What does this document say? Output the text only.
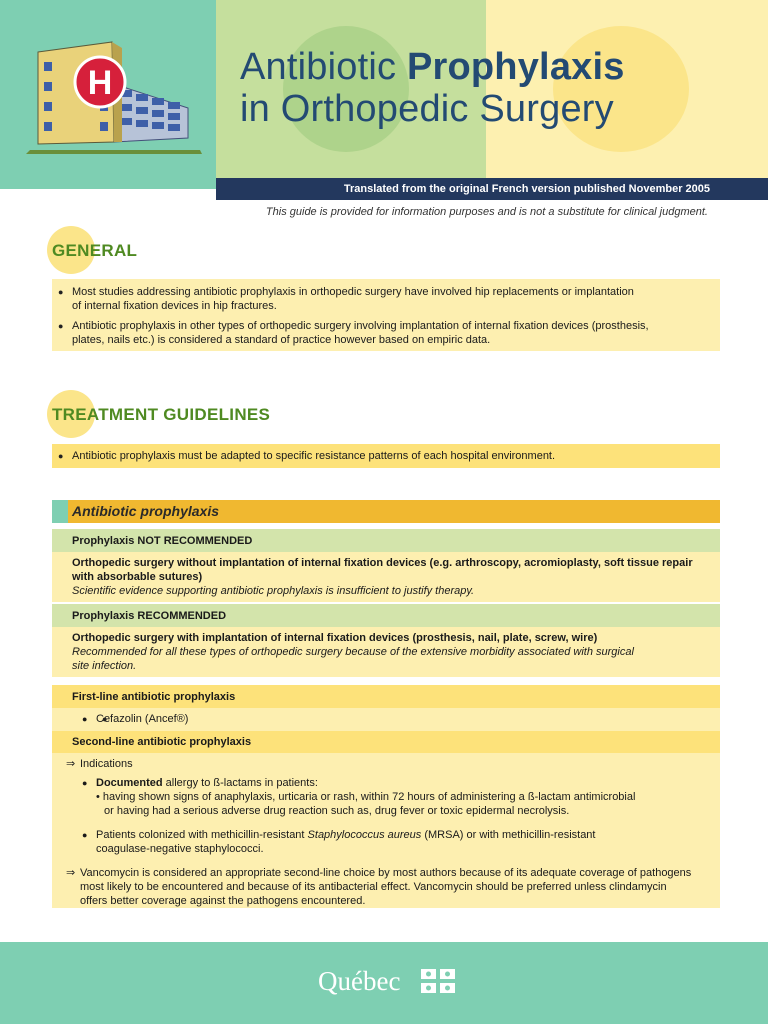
H	Antibiotic Prophylaxis
in Orthopedic Surgery
Translated from the original French version published November 2005
This guide is provided for information purposes and is not a substitute for clinical judgment.
GENERAL
● Most studies addressing antibiotic prophylaxis in orthopedic surgery have involved hip replacements or implantation
of internal fixation devices in hip fractures.
● Antibiotic prophylaxis in other types of orthopedic surgery involving implantation of internal fixation devices (prosthesis,
plates, nails etc.) is considered a standard of practice however based on empiric data.
TREATMENT GUIDELINES
● Antibiotic prophylaxis must be adapted to specific resistance patterns of each hospital environment.
Antibiotic prophylaxis
Prophylaxis NOT RECOMMENDED
Orthopedic surgery without implantation of internal fixation devices (e.g. arthroscopy, acromioplasty, soft tissue repair
with absorbable sutures)
Scientific evidence supporting antibiotic prophylaxis is insufficient to justify therapy.
Prophylaxis RECOMMENDED
Orthopedic surgery with implantation of internal fixation devices (prosthesis, nail, plate, screw, wire)
Recommended for all these types of orthopedic surgery because of the extensive morbidity associated with surgical
site infection.
First-line antibiotic prophylaxis
● ● Cefazolin (Ancef®)
Second-line antibiotic prophylaxis
⇒ Indications
● Documented allergy to ß-lactams in patients:
• having shown signs of anaphylaxis, urticaria or rash, within 72 hours of administering a ß-lactam antimicrobial
or having had a serious adverse drug reaction such as, drug fever or toxic epidermal necrolysis.
● Patients colonized with methicillin-resistant Staphylococcus aureus (MRSA) or with methicillin-resistant
coagulase-negative staphylococci.
⇒ Vancomycin is considered an appropriate second-line choice by most authors because of its adequate coverage of pathogens
most likely to be encountered and because of its antibacterial effect. Vancomycin should be preferred unless clindamycin
offers better coverage against the pathogens encountered.
Québec
